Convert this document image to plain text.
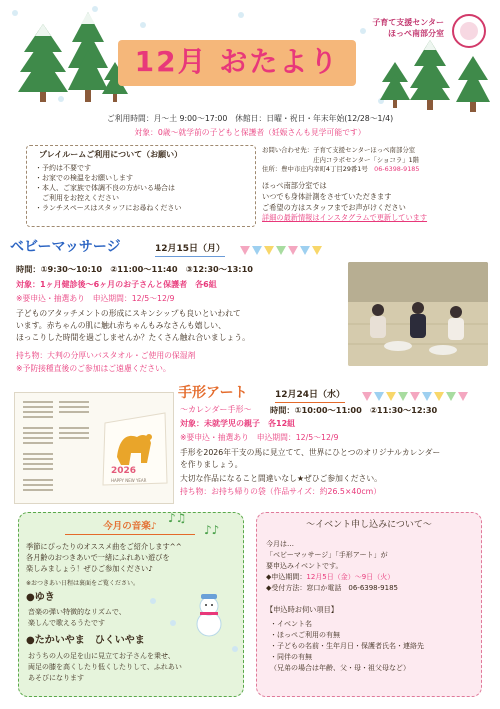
12月 おたより
子育て支援センター
ほっぺ南部分室
ご利用時間：月〜土 9:00〜17:00　休館日：日曜・祝日・年末年始(12/28〜1/4)
対象：0歳〜就学前の子どもと保護者（妊娠さんも見学可能です）
プレイルームご利用について（お願い）
・予約は不要です
・お家での検温をお願いします
・本人、ご家族で体調不良の方がいる場合は
　ご利用をお控えください
・ランチスペースはスタッフにお尋ねください
お問い合わせ先：子育て支援センターほっぺ南部分室
　　　　　　　　庄内コラボセンター「ショコラ」1階
住所：豊中市庄内幸町4丁目29番1号　 06-6398-9185
ほっぺ南部分室では
いつでも身体計測をさせていただきます
ご希望の方はスタッフまでお声がけください
詳細の最新情報はインスタグラムで更新しています
ベビーマッサージ	12月15日（月）
時間：①9:30〜10:10　②11:00〜11:40　③12:30〜13:10
対象：1ヶ月健診後〜6ヶ月のお子さんと保護者　各6組
※要申込・抽選あり　申込期間：12/5〜12/9
子どものアタッチメントの形成にスキンシップも良いといわれて
います。赤ちゃんの肌に触れ赤ちゃんもみなさんも嬉しい、
ほっこりした時間を過ごしませんか？たくさん触れ合いましょう。
持ち物：大判の分厚いバスタオル・ご使用の保湿剤
※予防接種直後のご参加はご遠慮ください。
2026
HAPPY NEW YEAR
手形アート	12月24日（水）
〜カレンダー手形〜 時間：①10:00〜11:00　②11:30〜12:30
対象：未就学児の親子　各12組
※要申込・抽選あり　申込期間：12/5〜12/9
手形を2026年干支の馬に見立てて、世界にひとつのオリジナルカレンダー
を作りましょう。
大切な作品になること間違いなし★ぜひご参加ください。
持ち物：お持ち帰りの袋（作品サイズ：約26.5×40cm）
今月の音楽♪
♪♫
♪♪
季節にぴったりのオススメ曲をご紹介します^^
各月齢のおつきあいで一緒にふれあい遊びを
楽しみましょう！ぜひご参加ください♪
※おつきあい日程は裏面をご覧ください。
●ゆき
音楽の弾い特徴的なリズムで、
楽しんで歌えるうたです
●たかいやま　ひくいやま
おうちの人の足を山に見立てお子さんを乗せ、
両足の膝を高くしたり低くしたりして、ふれあい
あそびになります
〜イベント申し込みについて〜
今月は…
「ベビーマッサージ」「手形アート」が
要申込みイベントです。
◆申込期間：12月5日（金）〜9日（火）
◆受付方法：窓口か電話　06-6398-9185
【申込時お伺い項目】
・イベント名
・ほっぺご利用の有無
・子どもの名前・生年月日・保護者氏名・連絡先
・同伴の有無
（兄弟の場合は年齢、父・母・祖父母など）
